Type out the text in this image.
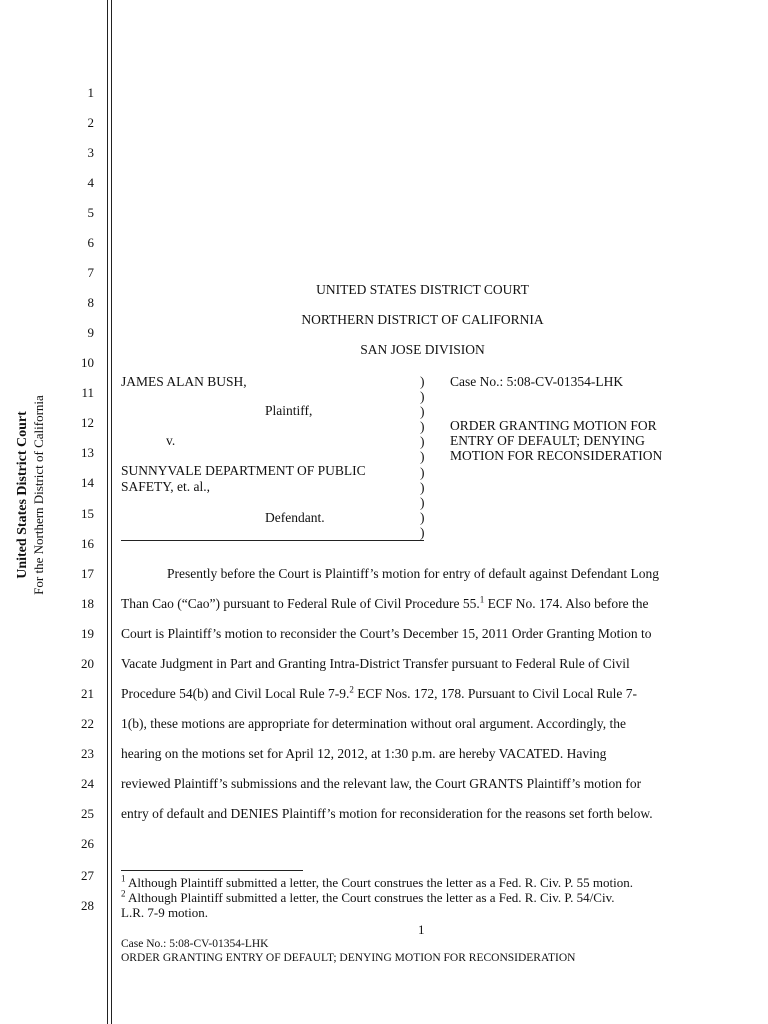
United States District Court For the Northern District of California
1
2
3
4
5
6
7
8
9
10
11
12
13
14
15
16
17
18
19
20
21
22
23
24
25
26
27
28
UNITED STATES DISTRICT COURT
NORTHERN DISTRICT OF CALIFORNIA
SAN JOSE DIVISION
JAMES ALAN BUSH,
Plaintiff,
v.
SUNNYVALE DEPARTMENT OF PUBLIC
SAFETY, et. al.,
Defendant.
)
)
)
)
)
)
)
)
)
)
)
Case No.: 5:08-CV-01354-LHK
ORDER GRANTING MOTION FOR
ENTRY OF DEFAULT; DENYING
MOTION FOR RECONSIDERATION
Presently before the Court is Plaintiff’s motion for entry of default against Defendant Long
Than Cao (“Cao”) pursuant to Federal Rule of Civil Procedure 55.$^1$ ECF No. 174. Also before the
Court is Plaintiff’s motion to reconsider the Court’s December 15, 2011 Order Granting Motion to
Vacate Judgment in Part and Granting Intra-District Transfer pursuant to Federal Rule of Civil
Procedure 54(b) and Civil Local Rule 7-9.$^2$ ECF Nos. 172, 178. Pursuant to Civil Local Rule 7-
1(b), these motions are appropriate for determination without oral argument. Accordingly, the
hearing on the motions set for April 12, 2012, at 1:30 p.m. are hereby VACATED. Having
reviewed Plaintiff’s submissions and the relevant law, the Court GRANTS Plaintiff’s motion for
entry of default and DENIES Plaintiff’s motion for reconsideration for the reasons set forth below.
$^1$ Although Plaintiff submitted a letter, the Court construes the letter as a Fed. R. Civ. P. 55 motion.
$^2$ Although Plaintiff submitted a letter, the Court construes the letter as a Fed. R. Civ. P. 54/Civ.
L.R. 7-9 motion.
1
Case No.: 5:08-CV-01354-LHK
ORDER GRANTING ENTRY OF DEFAULT; DENYING MOTION FOR RECONSIDERATION
